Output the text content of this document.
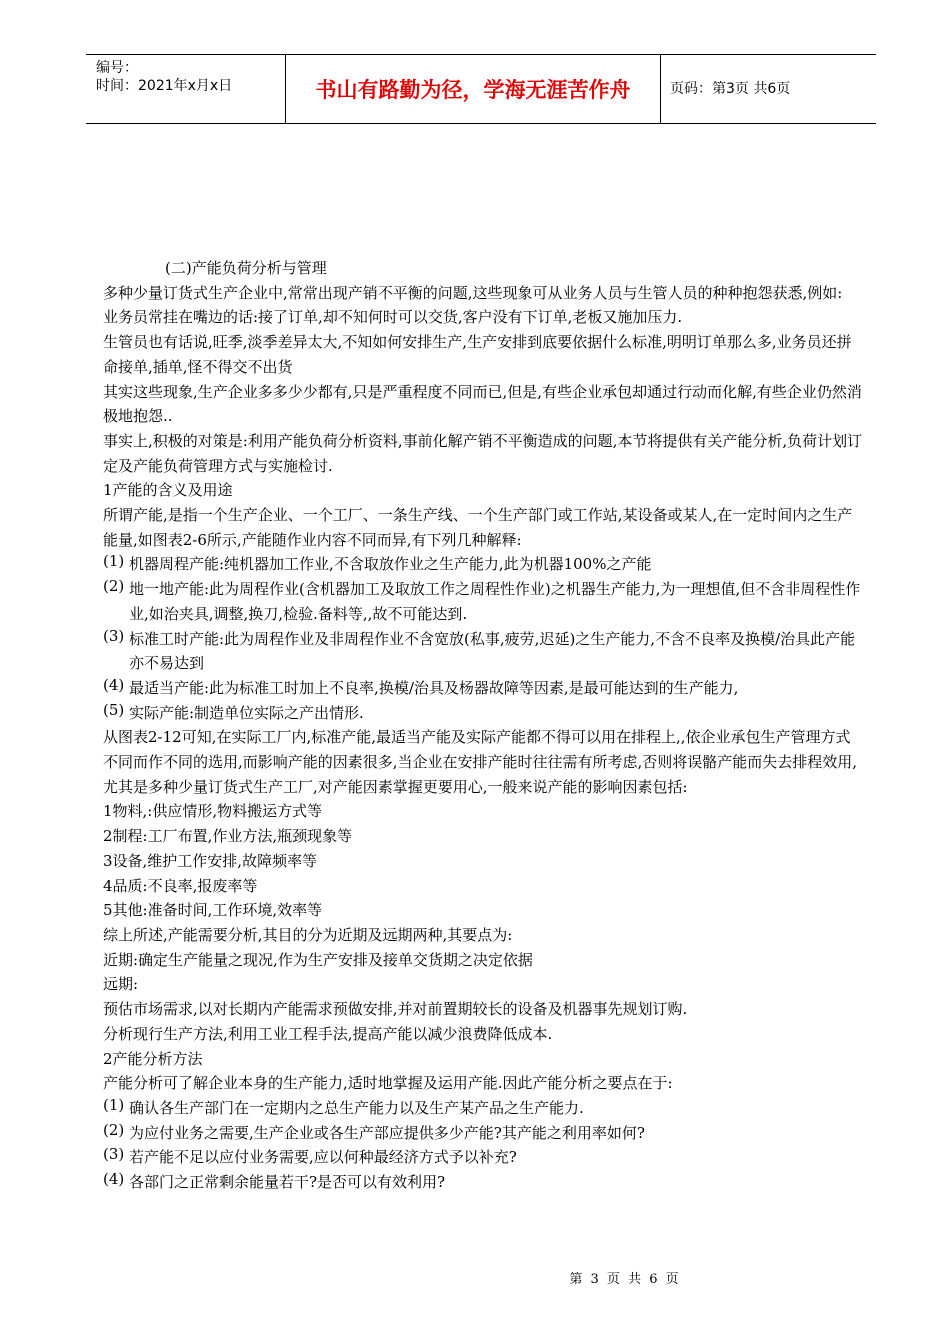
编号：
时间：2021年x月x日	书山有路勤为径，学海无涯苦作舟	页码：第3页 共6页

(二)产能负荷分析与管理

多种少量订货式生产企业中,常常出现产销不平衡的问题,这些现象可从业务人员与生管人员的种种抱怨获悉,例如:

业务员常挂在嘴边的话:接了订单,却不知何时可以交货,客户没有下订单,老板又施加压力.

生管员也有话说,旺季,淡季差异太大,不知如何安排生产,生产安排到底要依据什么标准,明明订单那么多,业务员还拼命接单,插单,怪不得交不出货

其实这些现象,生产企业多多少少都有,只是严重程度不同而已,但是,有些企业承包却通过行动而化解,有些企业仍然消极地抱怨..

事实上,积极的对策是:利用产能负荷分析资料,事前化解产销不平衡造成的问题,本节将提供有关产能分析,负荷计划订定及产能负荷管理方式与实施检讨.

1产能的含义及用途

所谓产能,是指一个生产企业、一个工厂、一条生产线、一个生产部门或工作站,某设备或某人,在一定时间内之生产能量,如图表2-6所示,产能随作业内容不同而异,有下列几种解释:

(1) 机器周程产能:纯机器加工作业,不含取放作业之生产能力,此为机器100%之产能

(2) 地一地产能:此为周程作业(含机器加工及取放工作之周程性作业)之机器生产能力,为一理想值,但不含非周程性作业,如治夹具,调整,换刀,检验.备料等,,故不可能达到.

(3) 标准工时产能:此为周程作业及非周程作业不含宽放(私事,疲劳,迟延)之生产能力,不含不良率及换模/治具此产能亦不易达到

(4) 最适当产能:此为标准工时加上不良率,换模/治具及杨器故障等因素,是最可能达到的生产能力,

(5) 实际产能:制造单位实际之产出情形.

从图表2-12可知,在实际工厂内,标准产能,最适当产能及实际产能都不得可以用在排程上,,依企业承包生产管理方式不同而作不同的选用,而影响产能的因素很多,当企业在安排产能时往往需有所考虑,否则将误骼产能而失去排程效用,尤其是多种少量订货式生产工厂,对产能因素掌握更要用心,一般来说产能的影响因素包括:

1物料,:供应情形,物料搬运方式等

2制程:工厂布置,作业方法,瓶颈现象等

3设备,维护工作安排,故障频率等

4品质:不良率,报废率等

5其他:准备时间,工作环境,效率等

综上所述,产能需要分析,其目的分为近期及远期两种,其要点为:

近期:确定生产能量之现况,作为生产安排及接单交货期之决定依据

远期:

预估市场需求,以对长期内产能需求预做安排,并对前置期较长的设备及机器事先规划订购.

分析现行生产方法,利用工业工程手法,提高产能以减少浪费降低成本.

2产能分析方法

产能分析可了解企业本身的生产能力,适时地掌握及运用产能.因此产能分析之要点在于:

(1) 确认各生产部门在一定期内之总生产能力以及生产某产品之生产能力.

(2) 为应付业务之需要,生产企业或各生产部应提供多少产能?其产能之利用率如何?

(3) 若产能不足以应付业务需要,应以何种最经济方式予以补充?

(4) 各部门之正常剩余能量若干?是否可以有效利用?

第 3 页 共 6 页
